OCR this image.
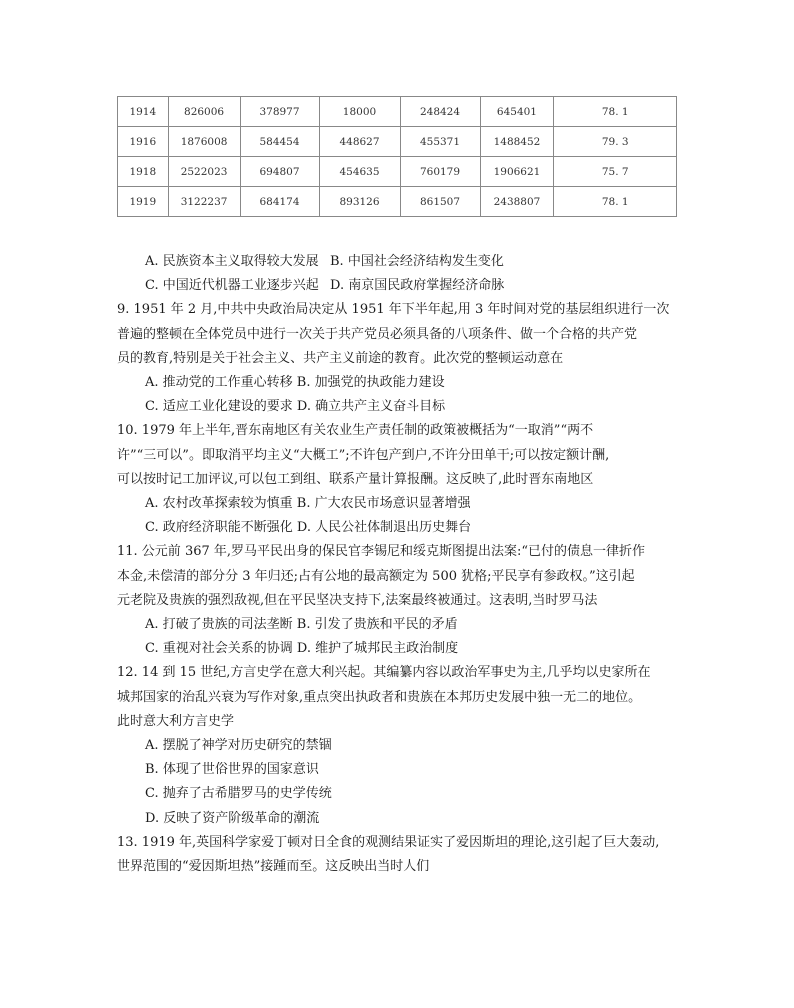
1914	826006	378977	18000	248424	645401	78. 1
1916	1876008	584454	448627	455371	1488452	79. 3
1918	2522023	694807	454635	760179	1906621	75. 7
1919	3122237	684174	893126	861507	2438807	78. 1
A. 民族资本主义取得较大发展 B. 中国社会经济结构发生变化
C. 中国近代机器工业逐步兴起 D. 南京国民政府掌握经济命脉
9. 1951 年 2 月,中共中央政治局决定从 1951 年下半年起,用 3 年时间对党的基层组织进行一次
普遍的整顿在全体党员中进行一次关于共产党员必须具备的八项条件、做一个合格的共产党
员的教育,特别是关于社会主义、共产主义前途的教育。此次党的整顿运动意在
A. 推动党的工作重心转移 B. 加强党的执政能力建设
C. 适应工业化建设的要求 D. 确立共产主义奋斗目标
10. 1979 年上半年,晋东南地区有关农业生产责任制的政策被概括为“一取消”“两不
许”“三可以”。即取消平均主义“大概工”;不许包产到户,不许分田单干;可以按定额计酬,
可以按时记工加评议,可以包工到组、联系产量计算报酬。这反映了,此时晋东南地区
A. 农村改革探索较为慎重 B. 广大农民市场意识显著增强
C. 政府经济职能不断强化 D. 人民公社体制退出历史舞台
11. 公元前 367 年,罗马平民出身的保民官李锡尼和绥克斯图提出法案:“已付的债息一律折作
本金,未偿清的部分分 3 年归还;占有公地的最高额定为 500 犹格;平民享有参政权。”这引起
元老院及贵族的强烈敌视,但在平民坚决支持下,法案最终被通过。这表明,当时罗马法
A. 打破了贵族的司法垄断 B. 引发了贵族和平民的矛盾
C. 重视对社会关系的协调 D. 维护了城邦民主政治制度
12. 14 到 15 世纪,方言史学在意大利兴起。其编纂内容以政治军事史为主,几乎均以史家所在
城邦国家的治乱兴衰为写作对象,重点突出执政者和贵族在本邦历史发展中独一无二的地位。
此时意大利方言史学
A. 摆脱了神学对历史研究的禁锢
B. 体现了世俗世界的国家意识
C. 抛弃了古希腊罗马的史学传统
D. 反映了资产阶级革命的潮流
13. 1919 年,英国科学家爱丁顿对日全食的观测结果证实了爱因斯坦的理论,这引起了巨大轰动,
世界范围的“爱因斯坦热”接踵而至。这反映出当时人们
